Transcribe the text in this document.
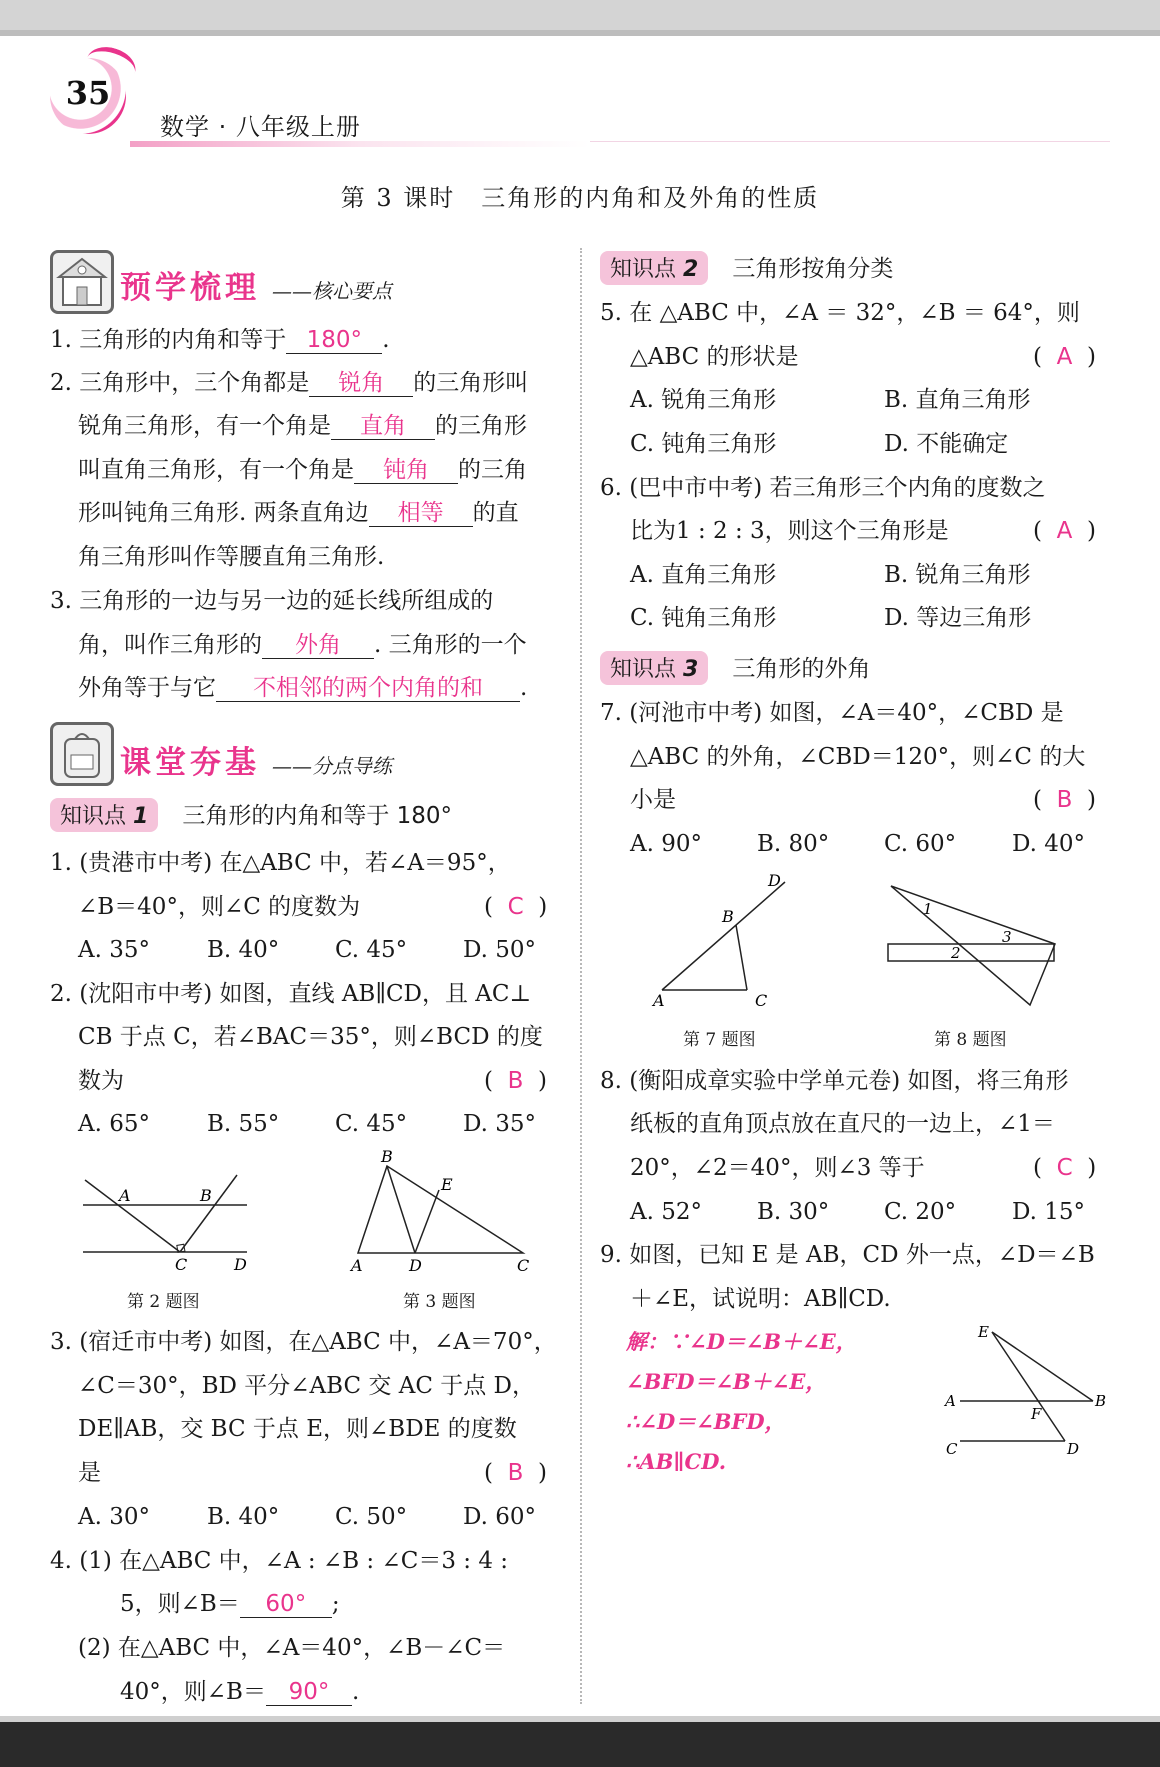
35
数学 · 八年级上册
第 3 课时　三角形的内角和及外角的性质
预学梳理 ——核心要点
1. 三角形的内角和等于 180° .
2. 三角形中，三个角都是 锐角 的三角形叫
锐角三角形，有一个角是 直角 的三角形
叫直角三角形，有一个角是 钝角 的三角
形叫钝角三角形. 两条直角边 相等 的直
角三角形叫作等腰直角三角形.
3. 三角形的一边与另一边的延长线所组成的
角，叫作三角形的 外角 . 三角形的一个
外角等于与它 不相邻的两个内角的和 .
课堂夯基 ——分点导练
知识点 1 三角形的内角和等于 180°
1. (贵港市中考) 在△ABC 中，若∠A＝95°，
∠B＝40°，则∠C 的度数为	(  C  )
A. 35° B. 40° C. 45° D. 50°
2. (沈阳市中考) 如图，直线 AB∥CD，且 AC⊥
CB 于点 C，若∠BAC＝35°，则∠BCD 的度
数为	(  B  )
A. 65° B. 55° C. 45° D. 35°
A	B
C	D
第 2 题图
B
E
A	D	C
第 3 题图
3. (宿迁市中考) 如图，在△ABC 中，∠A＝70°，
∠C＝30°，BD 平分∠ABC 交 AC 于点 D，
DE∥AB，交 BC 于点 E，则∠BDE 的度数
是	(  B  )
A. 30° B. 40° C. 50° D. 60°
4. (1) 在△ABC 中，∠A : ∠B : ∠C＝3 : 4 :
5，则∠B＝ 60° ;
(2) 在△ABC 中，∠A＝40°，∠B－∠C＝
40°，则∠B＝ 90° .
知识点 2 三角形按角分类
5. 在 △ABC 中，∠A ＝ 32°，∠B ＝ 64°，则
△ABC 的形状是	(  A  )
A. 锐角三角形	B. 直角三角形
C. 钝角三角形	D. 不能确定
6. (巴中市中考) 若三角形三个内角的度数之
比为1 : 2 : 3，则这个三角形是	(  A  )
A. 直角三角形	B. 锐角三角形
C. 钝角三角形	D. 等边三角形
知识点 3 三角形的外角
7. (河池市中考) 如图，∠A＝40°，∠CBD 是
△ABC 的外角，∠CBD＝120°，则∠C 的大
小是	(  B  )
A. 90° B. 80° C. 60° D. 40°
D
B
A	C
第 7 题图
1
2
3
第 8 题图
8. (衡阳成章实验中学单元卷) 如图，将三角形
纸板的直角顶点放在直尺的一边上，∠1＝
20°，∠2＝40°，则∠3 等于	(  C  )
A. 52° B. 30° C. 20° D. 15°
9. 如图，已知 E 是 AB，CD 外一点，∠D＝∠B
＋∠E，试说明：AB∥CD.
解：∵∠D＝∠B＋∠E，
∠BFD＝∠B＋∠E，
∴∠D＝∠BFD，
∴AB∥CD.
E
A
F
B
C	D
